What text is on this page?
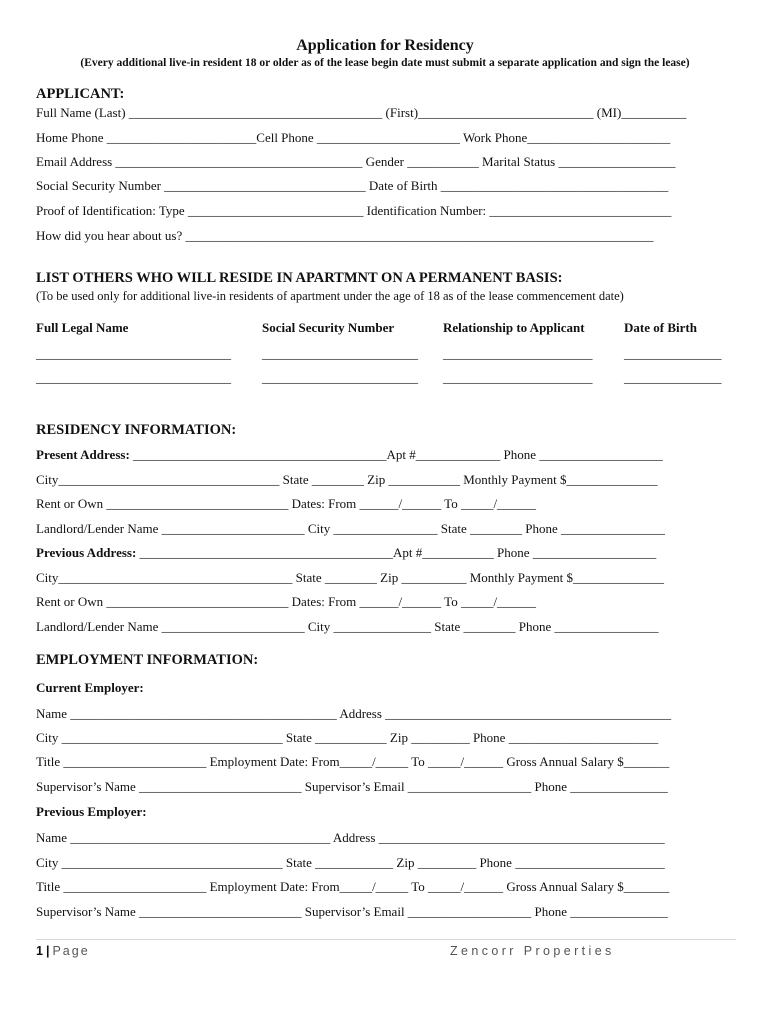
Application for Residency
(Every additional live-in resident 18 or older as of the lease begin date must submit a separate application and sign the lease)
APPLICANT:
Full Name (Last) _______________________________________ (First)___________________________ (MI)__________
Home Phone _______________________Cell Phone ______________________ Work Phone______________________
Email Address ______________________________________ Gender ___________ Marital Status __________________
Social Security Number _______________________________ Date of Birth ___________________________________
Proof of Identification: Type ___________________________ Identification Number: ____________________________
How did you hear about us? ________________________________________________________________________
LIST OTHERS WHO WILL RESIDE IN APARTMNT ON A PERMANENT BASIS:
(To be used only for additional live-in residents of apartment under the age of 18 as of the lease commencement date)
Full Legal Name	Social Security Number	Relationship to Applicant	Date of Birth
______________________________ ________________________ _______________________ _______________
______________________________ ________________________ _______________________ _______________
RESIDENCY INFORMATION:
Present Address: _______________________________________Apt #_____________ Phone ___________________
City__________________________________ State ________ Zip ___________ Monthly Payment $______________
Rent or Own ____________________________ Dates: From ______/______ To _____/______
Landlord/Lender Name ______________________ City ________________ State ________ Phone ________________
Previous Address: _______________________________________Apt #___________ Phone ___________________
City____________________________________ State ________ Zip __________ Monthly Payment $______________
Rent or Own ____________________________ Dates: From ______/______ To _____/______
Landlord/Lender Name ______________________ City _______________ State ________ Phone ________________
EMPLOYMENT INFORMATION:
Current Employer:
Name _________________________________________ Address ____________________________________________
City __________________________________ State ___________ Zip _________ Phone _______________________
Title ______________________ Employment Date: From_____/_____ To _____/______ Gross Annual Salary $_______
Supervisor’s Name _________________________ Supervisor’s Email ___________________ Phone _______________
Previous Employer:
Name ________________________________________ Address ____________________________________________
City __________________________________ State ____________ Zip _________ Phone _______________________
Title ______________________ Employment Date: From_____/_____ To _____/______ Gross Annual Salary $_______
Supervisor’s Name _________________________ Supervisor’s Email ___________________ Phone _______________
1 | Page	Zencorr Properties
